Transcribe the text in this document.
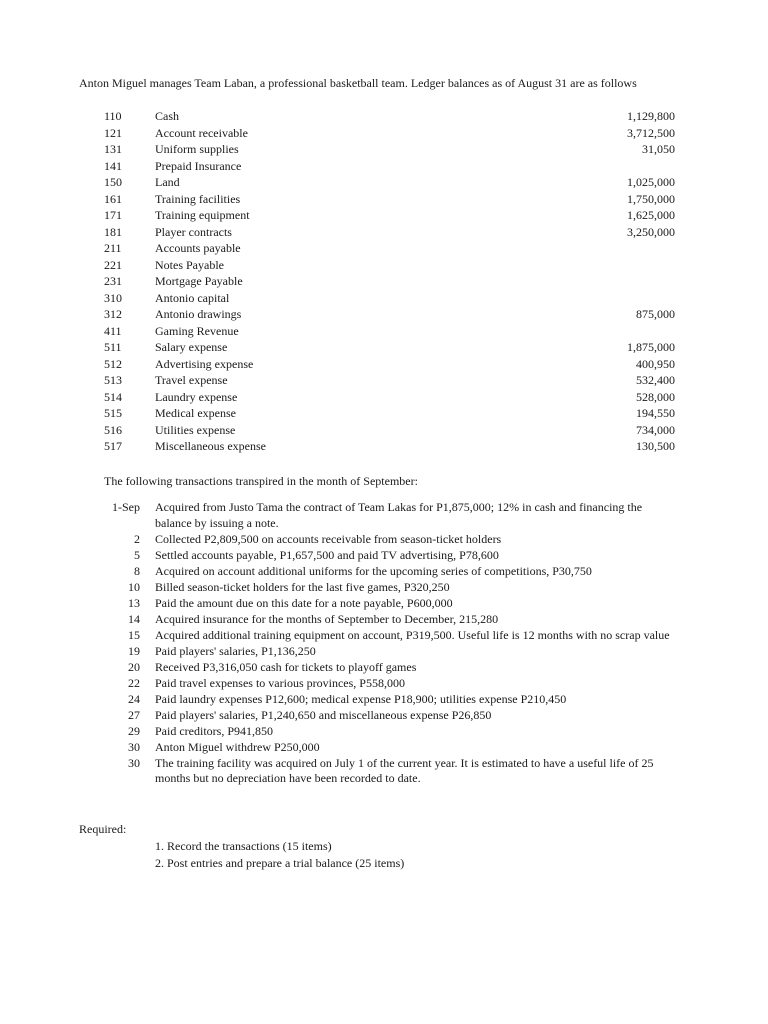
Anton Miguel manages Team Laban, a professional basketball team. Ledger balances as of August 31 are as follows
110	Cash	1,129,800
121	Account receivable	3,712,500
131	Uniform supplies	31,050
141	Prepaid Insurance
150	Land	1,025,000
161	Training facilities	1,750,000
171	Training equipment	1,625,000
181	Player contracts	3,250,000
211	Accounts payable
221	Notes Payable
231	Mortgage Payable
310	Antonio capital
312	Antonio drawings	875,000
411	Gaming Revenue
511	Salary expense	1,875,000
512	Advertising expense	400,950
513	Travel expense	532,400
514	Laundry expense	528,000
515	Medical expense	194,550
516	Utilities expense	734,000
517	Miscellaneous expense	130,500
The following transactions transpired in the month of September:
1-Sep Acquired from Justo Tama the contract of Team Lakas for P1,875,000; 12% in cash and financing the balance by issuing a note.
2 Collected P2,809,500 on accounts receivable from season-ticket holders
5 Settled accounts payable, P1,657,500 and paid TV advertising, P78,600
8 Acquired on account additional uniforms for the upcoming series of competitions, P30,750
10 Billed season-ticket holders for the last five games, P320,250
13 Paid the amount due on this date for a note payable, P600,000
14 Acquired insurance for the months of September to December, 215,280
15 Acquired additional training equipment on account, P319,500. Useful life is 12 months with no scrap value
19 Paid players' salaries, P1,136,250
20 Received P3,316,050 cash for tickets to playoff games
22 Paid travel expenses to various provinces, P558,000
24 Paid laundry expenses P12,600; medical expense P18,900; utilities expense P210,450
27 Paid players' salaries, P1,240,650 and miscellaneous expense P26,850
29 Paid creditors, P941,850
30 Anton Miguel withdrew P250,000
30 The training facility was acquired on July 1 of the current year. It is estimated to have a useful life of 25 months but no depreciation have been recorded to date.
Required:
1. Record the transactions (15 items)
2. Post entries and prepare a trial balance (25 items)
